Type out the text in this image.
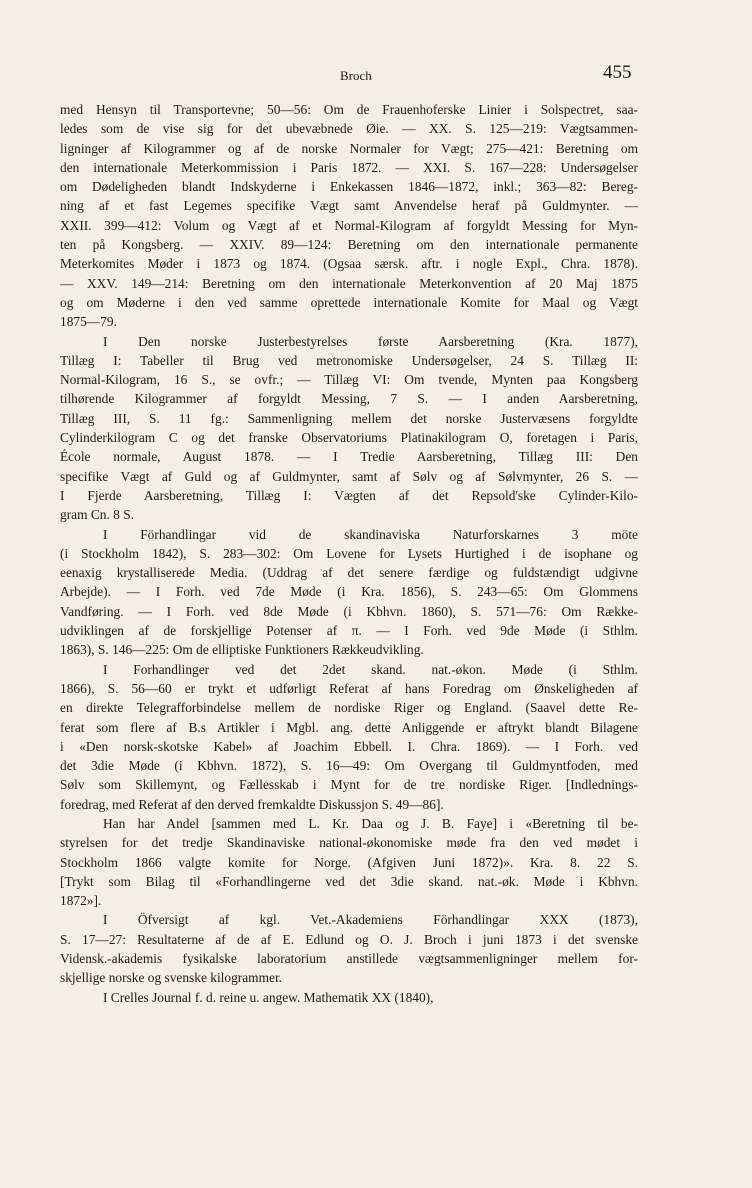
Broch	455
med Hensyn til Transportevne; 50—56: Om de Frauenhoferske Linier i Solspectret, saa-
ledes som de vise sig for det ubevæbnede Øie. — XX. S. 125—219: Vægtsammen-
ligninger af Kilogrammer og af de norske Normaler for Vægt; 275—421: Beretning om
den internationale Meterkommission i Paris 1872. — XXI. S. 167—228: Undersøgelser
om Dødeligheden blandt Indskyderne i Enkekassen 1846—1872, inkl.; 363—82: Bereg-
ning af et fast Legemes specifike Vægt samt Anvendelse heraf på Guldmynter. —
XXII. 399—412: Volum og Vægt af et Normal-Kilogram af forgyldt Messing for Myn-
ten på Kongsberg. — XXIV. 89—124: Beretning om den internationale permanente
Meterkomites Møder i 1873 og 1874. (Ogsaa særsk. aftr. i nogle Expl., Chra. 1878).
— XXV. 149—214: Beretning om den internationale Meterkonvention af 20 Maj 1875
og om Møderne i den ved samme oprettede internationale Komite for Maal og Vægt
1875—79.
I Den norske Justerbestyrelses første Aarsberetning (Kra. 1877),
Tillæg I: Tabeller til Brug ved metronomiske Undersøgelser, 24 S. Tillæg II:
Normal-Kilogram, 16 S., se ovfr.; — Tillæg VI: Om tvende, Mynten paa Kongsberg
tilhørende Kilogrammer af forgyldt Messing, 7 S. — I anden Aarsberetning,
Tillæg III, S. 11 fg.: Sammenligning mellem det norske Justervæsens forgyldte
Cylinderkilogram C og det franske Observatoriums Platinakilogram O, foretagen i Paris,
École normale, August 1878. — I Tredie Aarsberetning, Tillæg III: Den
specifike Vægt af Guld og af Guldmynter, samt af Sølv og af Sølvmynter, 26 S. —
I Fjerde Aarsberetning, Tillæg I: Vægten af det Repsold'ske Cylinder-Kilo-
gram Cn. 8 S.
I Förhandlingar vid de skandinaviska Naturforskarnes 3 möte
(i Stockholm 1842), S. 283—302: Om Lovene for Lysets Hurtighed i de isophane og
eenaxig krystalliserede Media. (Uddrag af det senere færdige og fuldstændigt udgivne
Arbejde). — I Forh. ved 7de Møde (i Kra. 1856), S. 243—65: Om Glommens
Vandføring. — I Forh. ved 8de Møde (i Kbhvn. 1860), S. 571—76: Om Række-
udviklingen af de forskjellige Potenser af π. — I Forh. ved 9de Møde (i Sthlm.
1863), S. 146—225: Om de elliptiske Funktioners Rækkeudvikling.
I Forhandlinger ved det 2det skand. nat.-økon. Møde (i Sthlm.
1866), S. 56—60 er trykt et udførligt Referat af hans Foredrag om Ønskeligheden af
en direkte Telegrafforbindelse mellem de nordiske Riger og England. (Saavel dette Re-
ferat som flere af B.s Artikler i Mgbl. ang. dette Anliggende er aftrykt blandt Bilagene
i «Den norsk-skotske Kabel» af Joachim Ebbell. I. Chra. 1869). — I Forh. ved
det 3die Møde (i Kbhvn. 1872), S. 16—49: Om Overgang til Guldmyntfoden, med
Sølv som Skillemynt, og Fællesskab i Mynt for de tre nordiske Riger. [Indlednings-
foredrag, med Referat af den derved fremkaldte Diskussjon S. 49—86].
Han har Andel [sammen med L. Kr. Daa og J. B. Faye] i «Beretning til be-
styrelsen for det tredje Skandinaviske national-økonomiske møde fra den ved mødet i
Stockholm 1866 valgte komite for Norge. (Afgiven Juni 1872)». Kra. 8. 22 S.
[Trykt som Bilag til «Forhandlingerne ved det 3die skand. nat.-øk. Møde i Kbhvn.
1872»].
I Öfversigt af kgl. Vet.-Akademiens Förhandlingar XXX (1873),
S. 17—27: Resultaterne af de af E. Edlund og O. J. Broch i juni 1873 i det svenske
Vidensk.-akademis fysikalske laboratorium anstillede vægtsammenligninger mellem for-
skjellige norske og svenske kilogrammer.
I Crelles Journal f. d. reine u. angew. Mathematik XX (1840),
